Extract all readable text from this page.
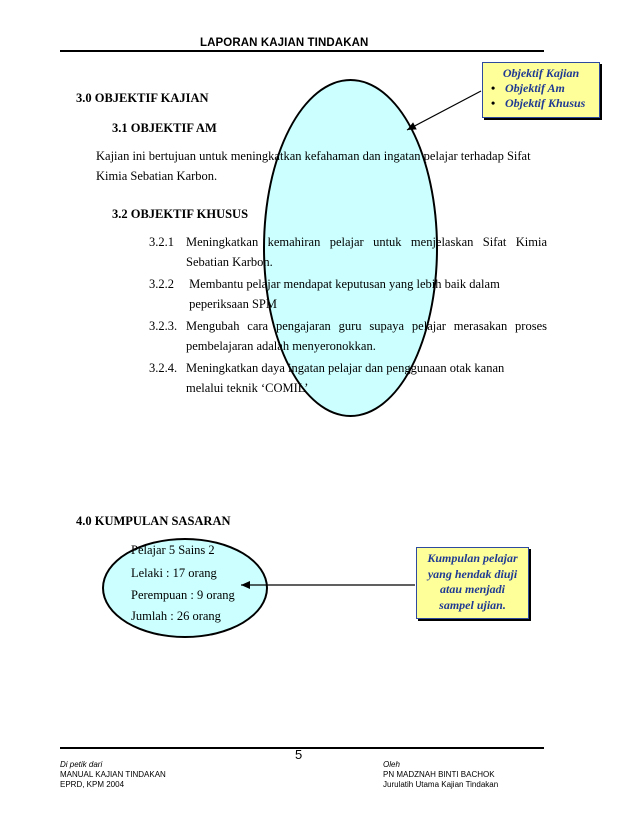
LAPORAN KAJIAN TINDAKAN
Objektif Kajian
• Objektif Am
• Objektif Khusus
3.0 OBJEKTIF KAJIAN
3.1 OBJEKTIF AM
Kajian ini bertujuan untuk meningkatkan kefahaman dan ingatan pelajar terhadap Sifat
Kimia Sebatian Karbon.
3.2 OBJEKTIF KHUSUS
3.2.1 Meningkatkan kemahiran pelajar untuk menjelaskan Sifat Kimia
Sebatian Karbon.
3.2.2 Membantu pelajar mendapat keputusan yang lebih baik dalam
peperiksaan SPM
3.2.3. Mengubah cara pengajaran guru supaya pelajar merasakan proses
pembelajaran adalah menyeronokkan.
3.2.4. Meningkatkan daya ingatan pelajar dan penggunaan otak kanan
melalui teknik ‘COMIL’
4.0 KUMPULAN SASARAN
Pelajar 5 Sains 2
Lelaki : 17 orang
Perempuan : 9 orang
Jumlah : 26 orang
Kumpulan pelajar
yang hendak diuji
atau menjadi
sampel ujian.
5
Di petik dari
MANUAL KAJIAN TINDAKAN
EPRD, KPM 2004
Oleh
PN MADZNAH BINTI BACHOK
Jurulatih Utama Kajian Tindakan
